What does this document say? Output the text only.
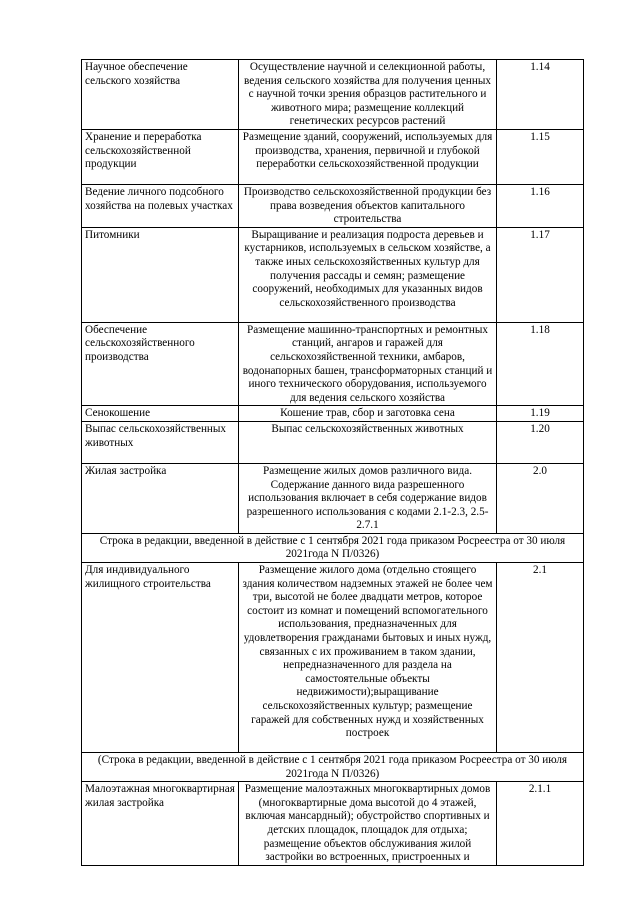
Научное обеспечение сельского хозяйства	Осуществление научной и селекционной работы, ведения сельского хозяйства для получения ценных с научной точки зрения образцов растительного и животного мира; размещение коллекций генетических ресурсов растений	1.14
Хранение и переработка сельскохозяйственной продукции	Размещение зданий, сооружений, используемых для производства, хранения, первичной и глубокой переработки сельскохозяйственной продукции	1.15
Ведение личного подсобного хозяйства на полевых участках	Производство сельскохозяйственной продукции без права возведения объектов капитального строительства	1.16
Питомники	Выращивание и реализация подроста деревьев и кустарников, используемых в сельском хозяйстве, а также иных сельскохозяйственных культур для получения рассады и семян; размещение сооружений, необходимых для указанных видов сельскохозяйственного производства	1.17
Обеспечение сельскохозяйственного производства	Размещение машинно-транспортных и ремонтных станций, ангаров и гаражей для сельскохозяйственной техники, амбаров, водонапорных башен, трансформаторных станций и иного технического оборудования, используемого для ведения сельского хозяйства	1.18
Сенокошение	Кошение трав, сбор и заготовка сена	1.19
Выпас сельскохозяйственных животных	Выпас сельскохозяйственных животных	1.20
Жилая застройка	Размещение жилых домов различного вида. Содержание данного вида разрешенного использования включает в себя содержание видов разрешенного использования с кодами 2.1-2.3, 2.5-2.7.1	2.0
Строка в редакции, введенной в действие с 1 сентября 2021 года приказом Росреестра от 30 июля 2021года N П/0326)		
Для индивидуального жилищного строительства	Размещение жилого дома (отдельно стоящего здания количеством надземных этажей не более чем три, высотой не более двадцати метров, которое состоит из комнат и помещений вспомогательного использования, предназначенных для удовлетворения гражданами бытовых и иных нужд, связанных с их проживанием в таком здании, непредназначенного для раздела на самостоятельные объекты недвижимости);выращивание сельскохозяйственных культур; размещение гаражей для собственных нужд и хозяйственных построек	2.1
(Строка в редакции, введенной в действие с 1 сентября 2021 года приказом Росреестра от 30 июля 2021года N П/0326)		
Малоэтажная многоквартирная жилая застройка	Размещение малоэтажных многоквартирных домов (многоквартирные дома высотой до 4 этажей, включая мансардный); обустройство спортивных и детских площадок, площадок для отдыха; размещение объектов обслуживания жилой застройки во встроенных, пристроенных и	2.1.1
